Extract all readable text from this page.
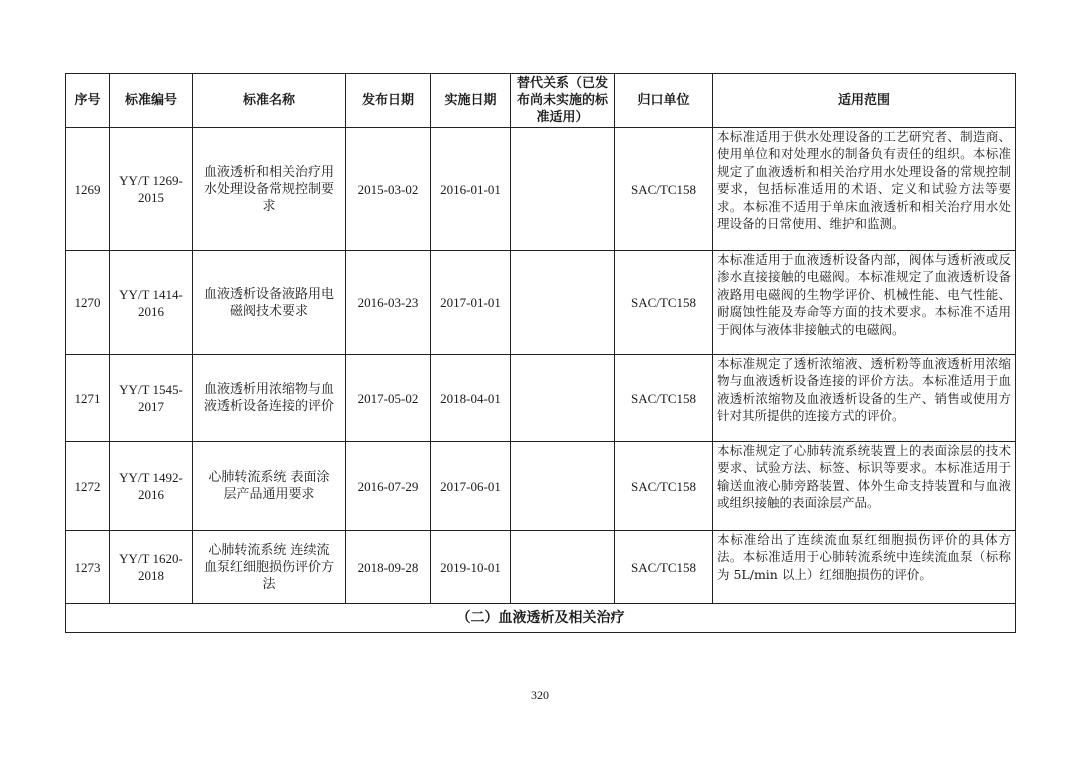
序号	标准编号	标准名称	发布日期	实施日期	替代关系（已发布尚未实施的标准适用）	归口单位	适用范围
1269	YY/T 1269-2015	血液透析和相关治疗用水处理设备常规控制要求	2015-03-02	2016-01-01		SAC/TC158	本标准适用于供水处理设备的工艺研究者、制造商、使用单位和对处理水的制备负有责任的组织。本标准规定了血液透析和相关治疗用水处理设备的常规控制要求，包括标准适用的术语、定义和试验方法等要求。本标准不适用于单床血液透析和相关治疗用水处理设备的日常使用、维护和监测。
1270	YY/T 1414-2016	血液透析设备液路用电磁阀技术要求	2016-03-23	2017-01-01		SAC/TC158	本标准适用于血液透析设备内部，阀体与透析液或反渗水直接接触的电磁阀。本标准规定了血液透析设备液路用电磁阀的生物学评价、机械性能、电气性能、耐腐蚀性能及寿命等方面的技术要求。本标准不适用于阀体与液体非接触式的电磁阀。
1271	YY/T 1545-2017	血液透析用浓缩物与血液透析设备连接的评价	2017-05-02	2018-04-01		SAC/TC158	本标准规定了透析浓缩液、透析粉等血液透析用浓缩物与血液透析设备连接的评价方法。本标准适用于血液透析浓缩物及血液透析设备的生产、销售或使用方针对其所提供的连接方式的评价。
1272	YY/T 1492-2016	心肺转流系统 表面涂层产品通用要求	2016-07-29	2017-06-01		SAC/TC158	本标准规定了心肺转流系统装置上的表面涂层的技术要求、试验方法、标签、标识等要求。本标准适用于输送血液心肺旁路装置、体外生命支持装置和与血液或组织接触的表面涂层产品。
1273	YY/T 1620-2018	心肺转流系统 连续流血泵红细胞损伤评价方法	2018-09-28	2019-10-01		SAC/TC158	本标准给出了连续流血泵红细胞损伤评价的具体方法。本标准适用于心肺转流系统中连续流血泵（标称为 5L/min 以上）红细胞损伤的评价。
（二）血液透析及相关治疗							
320
